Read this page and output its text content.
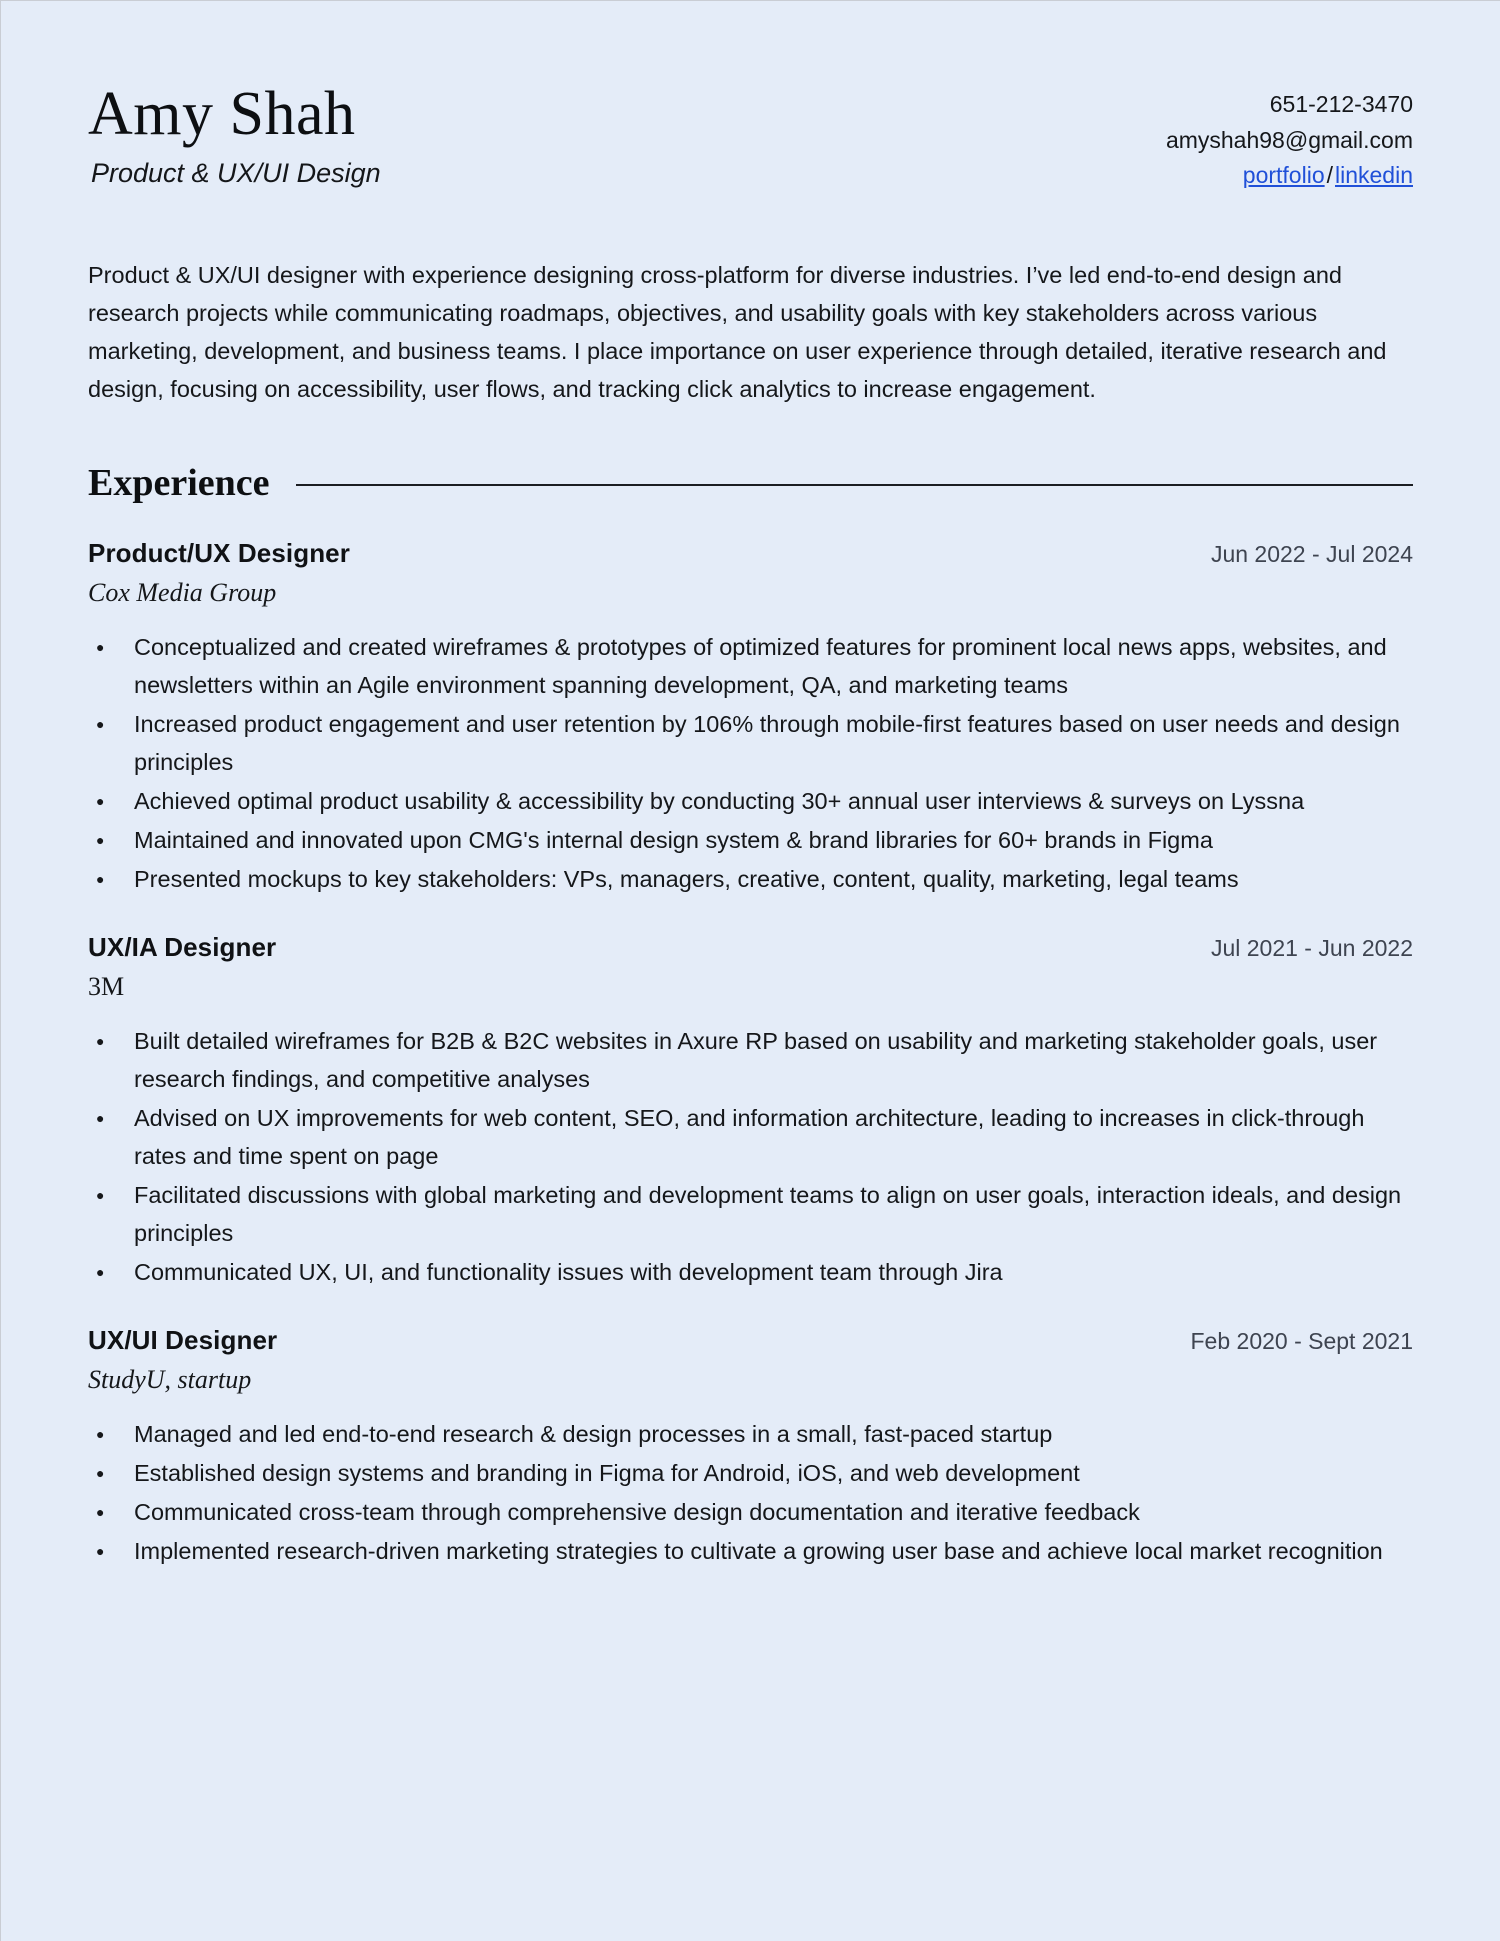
Amy Shah
Product & UX/UI Design
651-212-3470
amyshah98@gmail.com
portfolio/linkedin
Product & UX/UI designer with experience designing cross-platform for diverse industries. I’ve led end-to-end design and research projects while communicating roadmaps, objectives, and usability goals with key stakeholders across various marketing, development, and business teams. I place importance on user experience through detailed, iterative research and design, focusing on accessibility, user flows, and tracking click analytics to increase engagement.
Experience
Product/UX Designer	Jun 2022 - Jul 2024
Cox Media Group
● Conceptualized and created wireframes & prototypes of optimized features for prominent local news apps, websites, and newsletters within an Agile environment spanning development, QA, and marketing teams
● Increased product engagement and user retention by 106% through mobile-first features based on user needs and design principles
● Achieved optimal product usability & accessibility by conducting 30+ annual user interviews & surveys on Lyssna
● Maintained and innovated upon CMG's internal design system & brand libraries for 60+ brands in Figma
● Presented mockups to key stakeholders: VPs, managers, creative, content, quality, marketing, legal teams
UX/IA Designer	Jul 2021 - Jun 2022
3M
● Built detailed wireframes for B2B & B2C websites in Axure RP based on usability and marketing stakeholder goals, user research findings, and competitive analyses
● Advised on UX improvements for web content, SEO, and information architecture, leading to increases in click-through rates and time spent on page
● Facilitated discussions with global marketing and development teams to align on user goals, interaction ideals, and design principles
● Communicated UX, UI, and functionality issues with development team through Jira
UX/UI Designer	Feb 2020 - Sept 2021
StudyU, startup
● Managed and led end-to-end research & design processes in a small, fast-paced startup
● Established design systems and branding in Figma for Android, iOS, and web development
● Communicated cross-team through comprehensive design documentation and iterative feedback
● Implemented research-driven marketing strategies to cultivate a growing user base and achieve local market recognition
